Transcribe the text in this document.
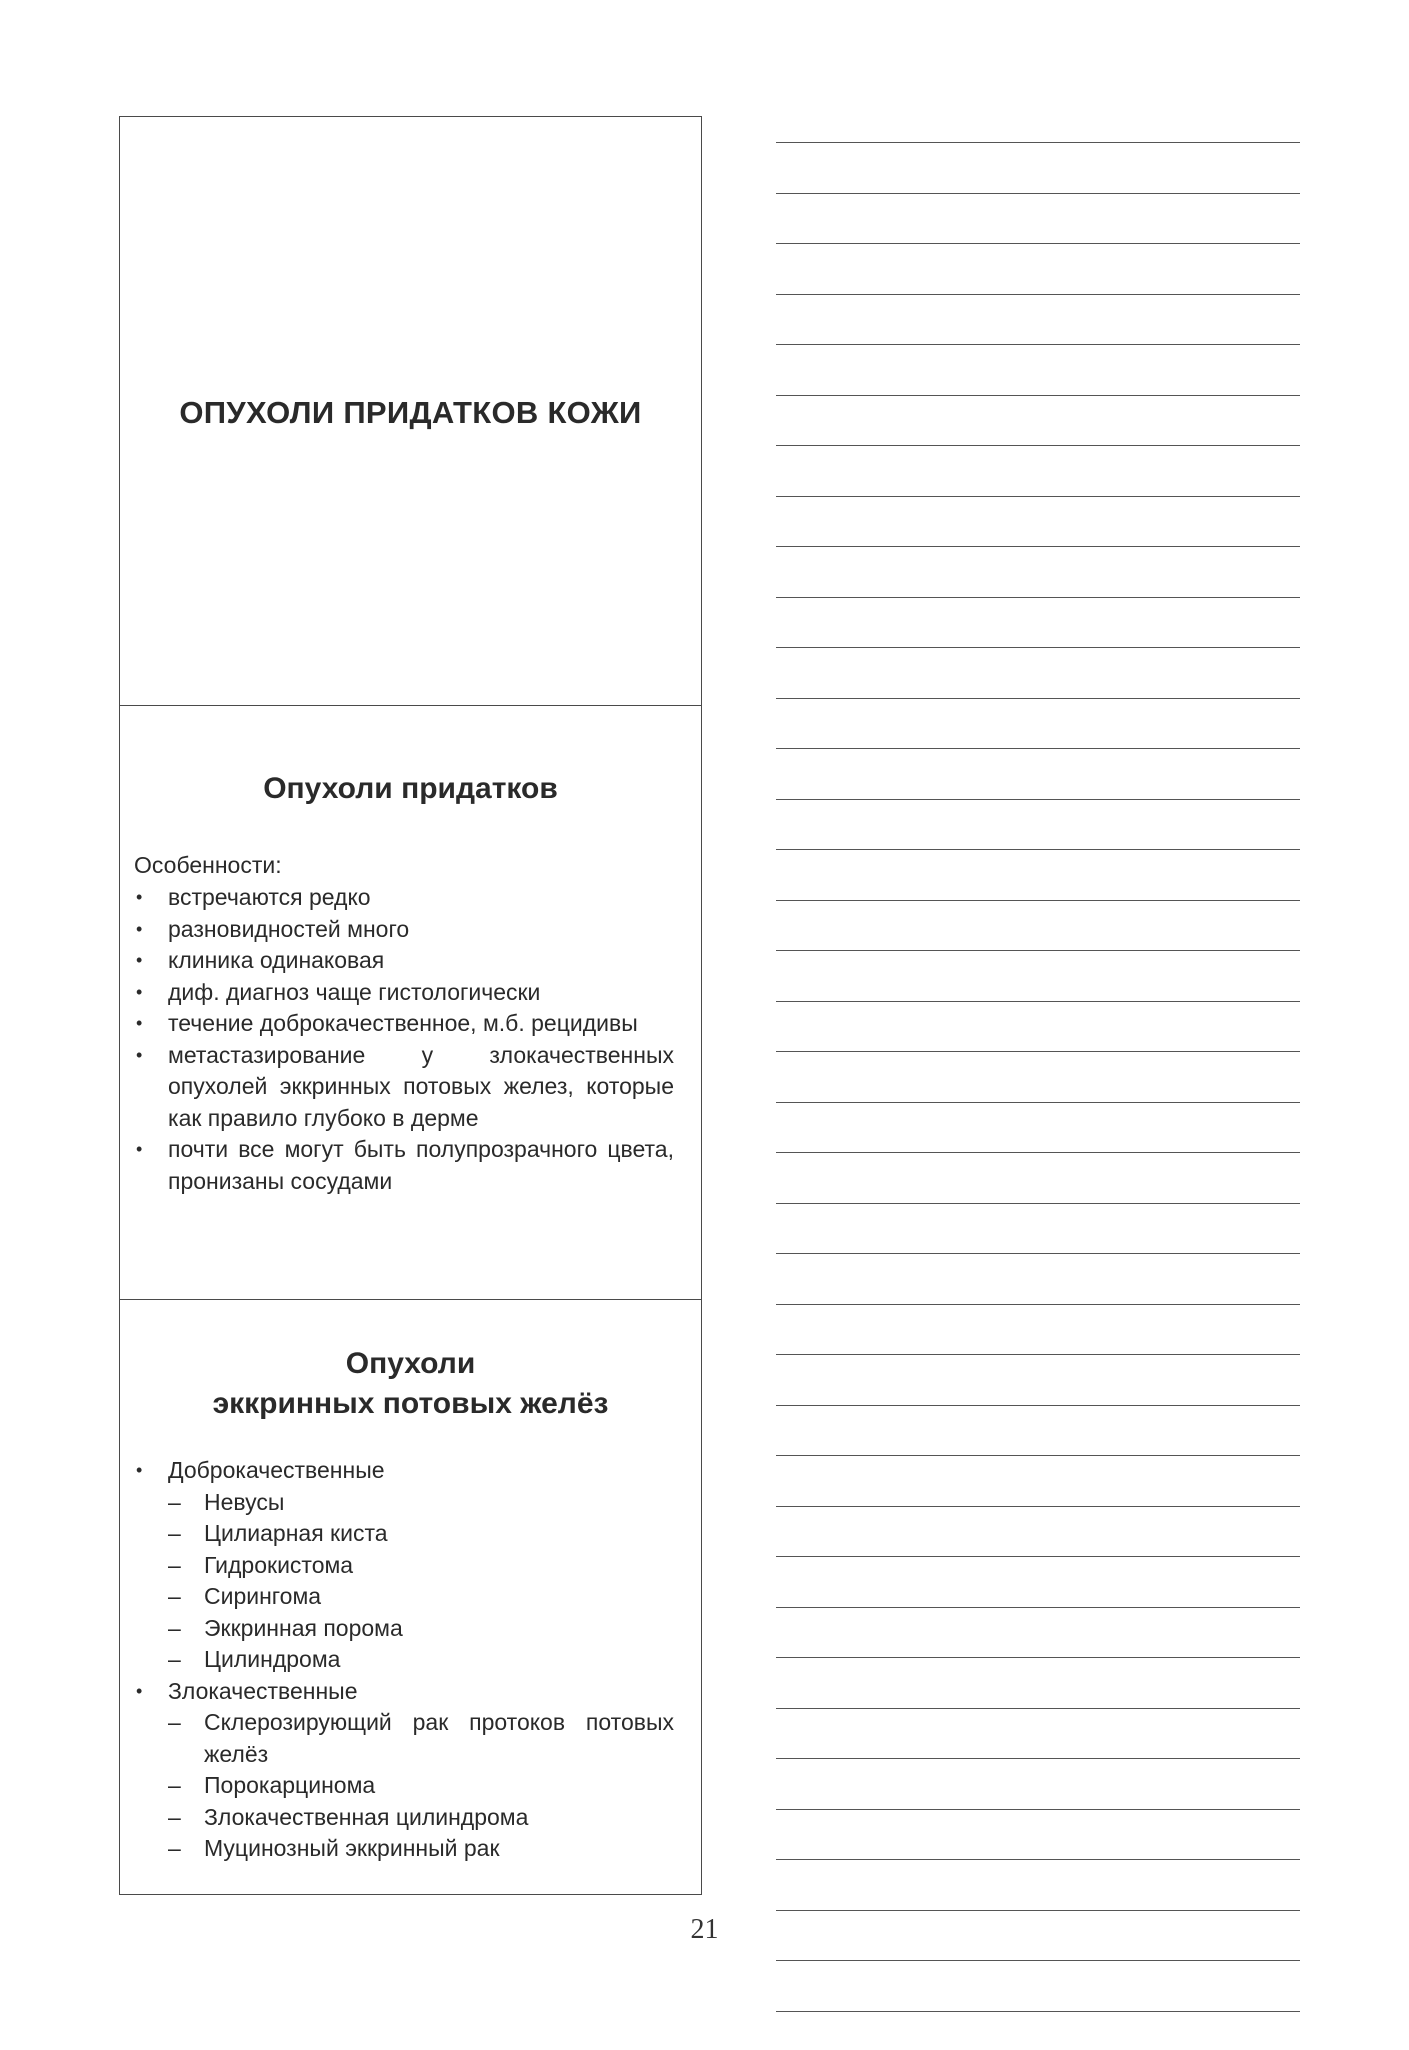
ОПУХОЛИ ПРИДАТКОВ КОЖИ
Опухоли придатков
Особенности:
• встречаются редко
• разновидностей много
• клиника одинаковая
• диф. диагноз чаще гистологически
• течение доброкачественное, м.б. рецидивы
• метастазирование у злокачественных опухолей эккринных потовых желез, которые как правило глубоко в дерме
• почти все могут быть полупрозрачного цвета, пронизаны сосудами
Опухоли
эккринных потовых желёз
• Доброкачественные
– Невусы
– Цилиарная киста
– Гидрокистома
– Сирингома
– Эккринная порома
– Цилиндрома
• Злокачественные
– Склерозирующий рак протоков потовых желёз
– Порокарцинома
– Злокачественная цилиндрома
– Муцинозный эккринный рак
21
